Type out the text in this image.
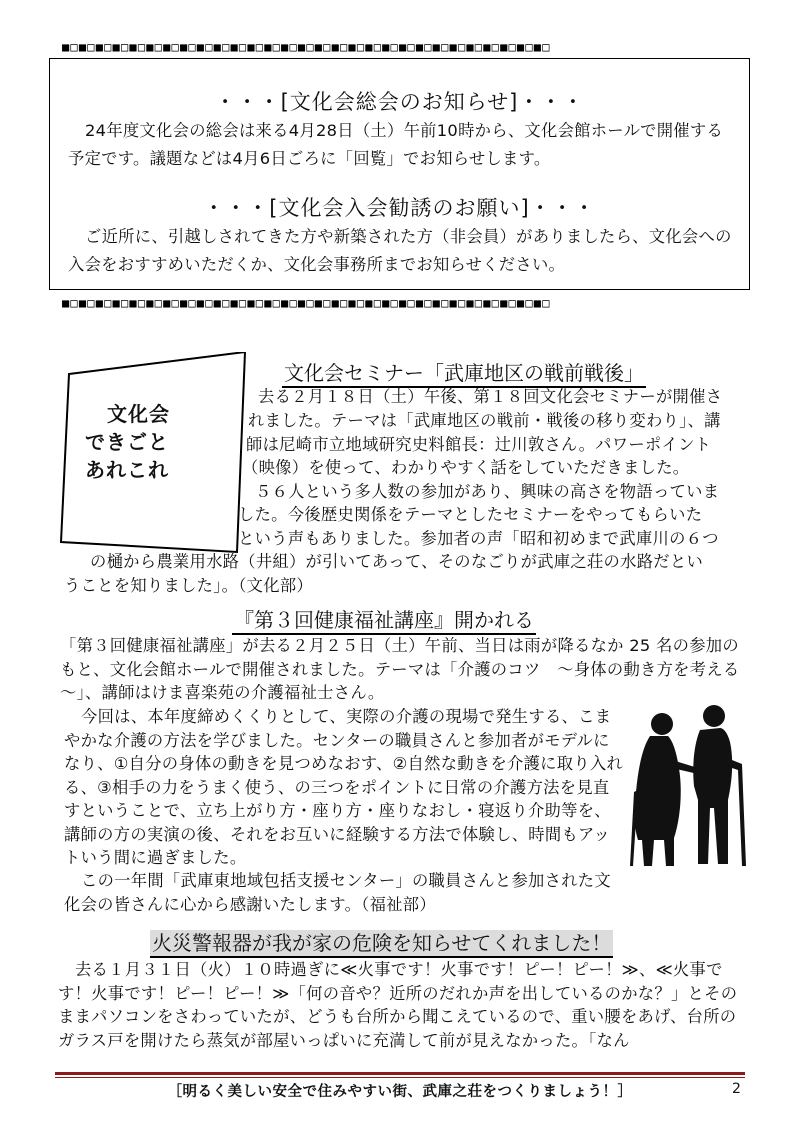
■□■□■□■□■□■□■□■□■□■□■□■□■□■□■□■□■□■□■□■□■□■□■□■□■□■□■□■□■□
・・・[文化会総会のお知らせ]・・・
24年度文化会の総会は来る4月28日（土）午前10時から、文化会館ホールで開催する予定です。議題などは4月6日ごろに「回覧」でお知らせします。
・・・[文化会入会勧誘のお願い]・・・
ご近所に、引越しされてきた方や新築された方（非会員）がありましたら、文化会への入会をおすすめいただくか、文化会事務所までお知らせください。
■□■□■□■□■□■□■□■□■□■□■□■□■□■□■□■□■□■□■□■□■□■□■□■□■□■□■□■□■□
文化会
できごと
あれこれ
文化会セミナー「武庫地区の戦前戦後」
去る２月１８日（土）午後、第１８回文化会セミナーが開催さ
れました。テーマは「武庫地区の戦前・戦後の移り変わり」、講
師は尼崎市立地域研究史料館長：辻川敦さん。パワーポイント
（映像）を使って、わかりやすく話をしていただきました。
５６人という多人数の参加があり、興味の高さを物語っていま
した。今後歴史関係をテーマとしたセミナーをやってもらいた
という声もありました。参加者の声「昭和初めまで武庫川の６つ
の樋から農業用水路（井組）が引いてあって、そのなごりが武庫之荘の水路だとい
うことを知りました」。（文化部）
『第３回健康福祉講座』開かれる
「第３回健康福祉講座」が去る２月２５日（土）午前、当日は雨が降るなか 25 名の参加のもと、文化会館ホールで開催されました。テーマは「介護のコツ　～身体の動き方を考える～」、講師はけま喜楽苑の介護福祉士さん。
今回は、本年度締めくくりとして、実際の介護の現場で発生する、こまやかな介護の方法を学びました。センターの職員さんと参加者がモデルになり、①自分の身体の動きを見つめなおす、②自然な動きを介護に取り入れる、③相手の力をうまく使う、の三つをポイントに日常の介護方法を見直すということで、立ち上がり方・座り方・座りなおし・寝返り介助等を、講師の方の実演の後、それをお互いに経験する方法で体験し、時間もアットいう間に過ぎました。
この一年間「武庫東地域包括支援センター」の職員さんと参加された文化会の皆さんに心から感謝いたします。（福祉部）
火災警報器が我が家の危険を知らせてくれました！
去る１月３１日（火）１０時過ぎに≪火事です！火事です！ピー！ピー！≫、≪火事です！火事です！ピー！ピー！≫「何の音や？近所のだれか声を出しているのかな？」とそのままパソコンをさわっていたが、どうも台所から聞こえているので、重い腰をあげ、台所のガラス戸を開けたら蒸気が部屋いっぱいに充満して前が見えなかった。「なん
［明るく美しい安全で住みやすい街、武庫之荘をつくりましょう！］	2
